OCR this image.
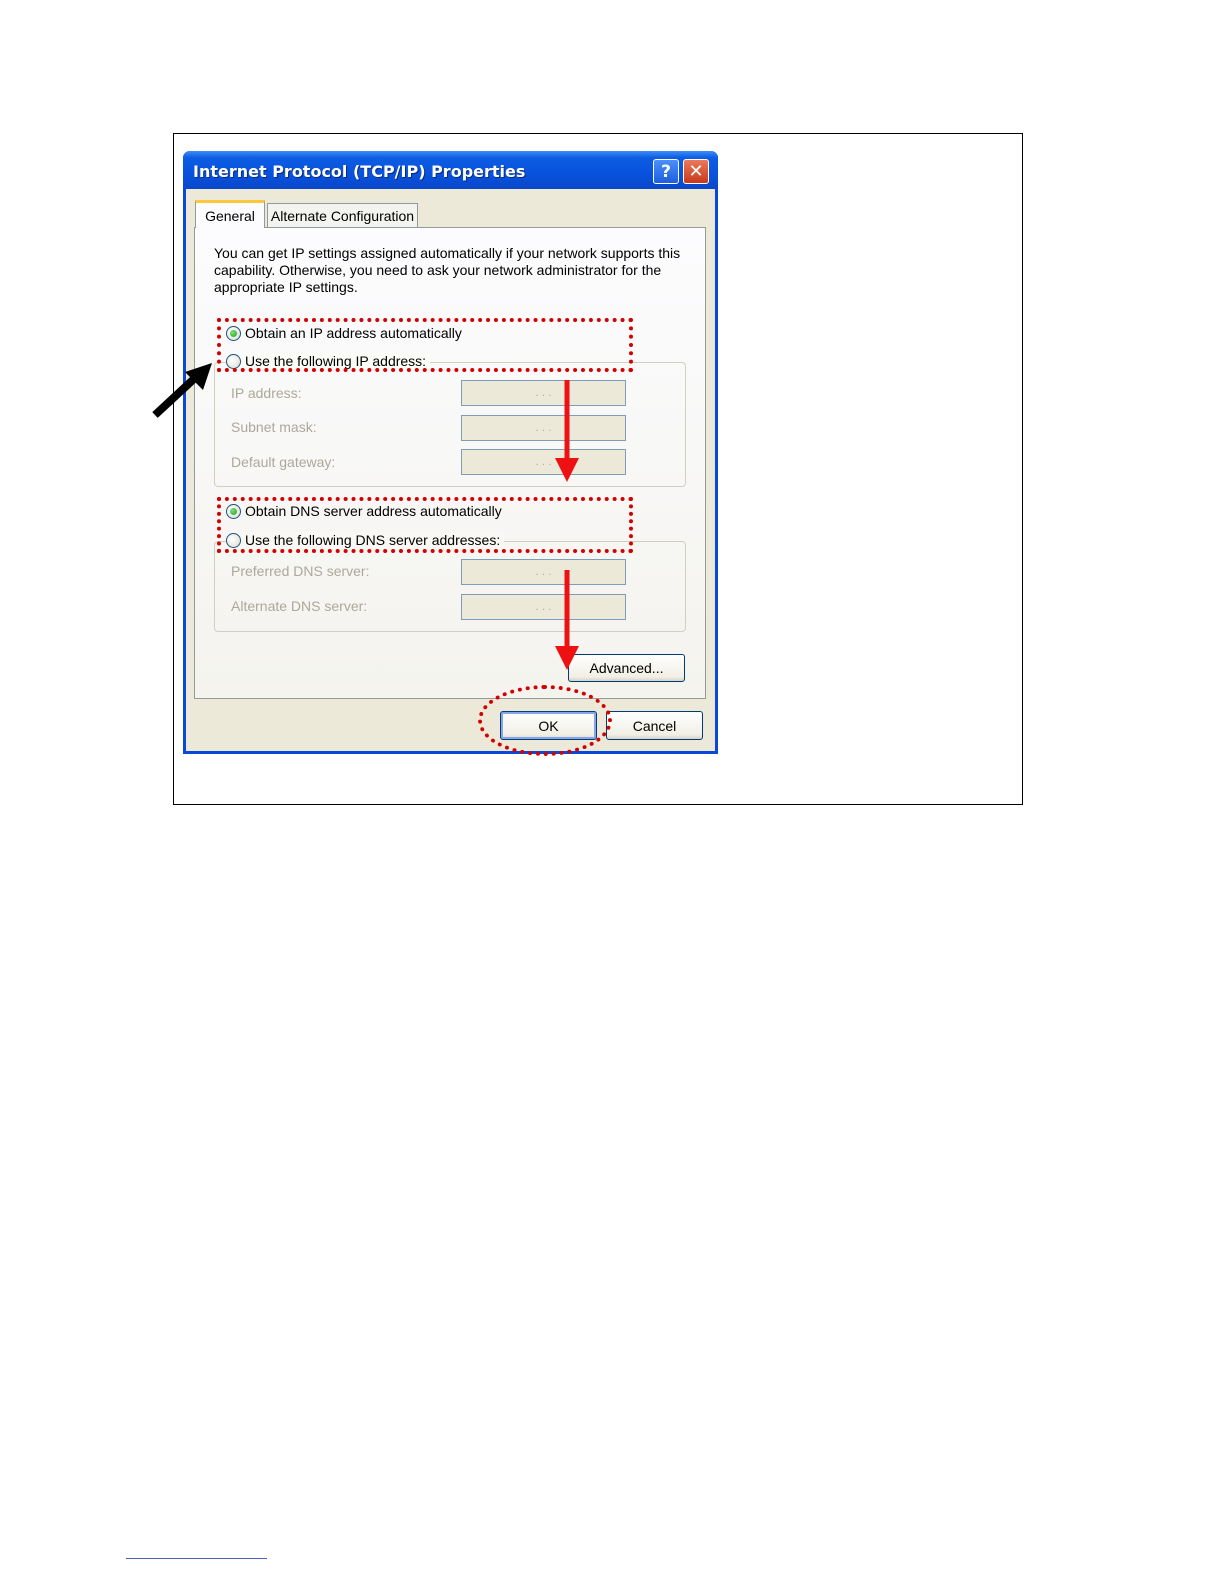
Internet Protocol (TCP/IP) Properties	? ✕
General Alternate Configuration
You can get IP settings assigned automatically if your network supports this capability. Otherwise, you need to ask your network administrator for the appropriate IP settings.
Obtain an IP address automatically
Use the following IP address:
IP address:	. . .
Subnet mask:	. . .
Default gateway:	. . .
Obtain DNS server address automatically
Use the following DNS server addresses:
Preferred DNS server:	. . .
Alternate DNS server:	. . .
Advanced...
OK	Cancel
